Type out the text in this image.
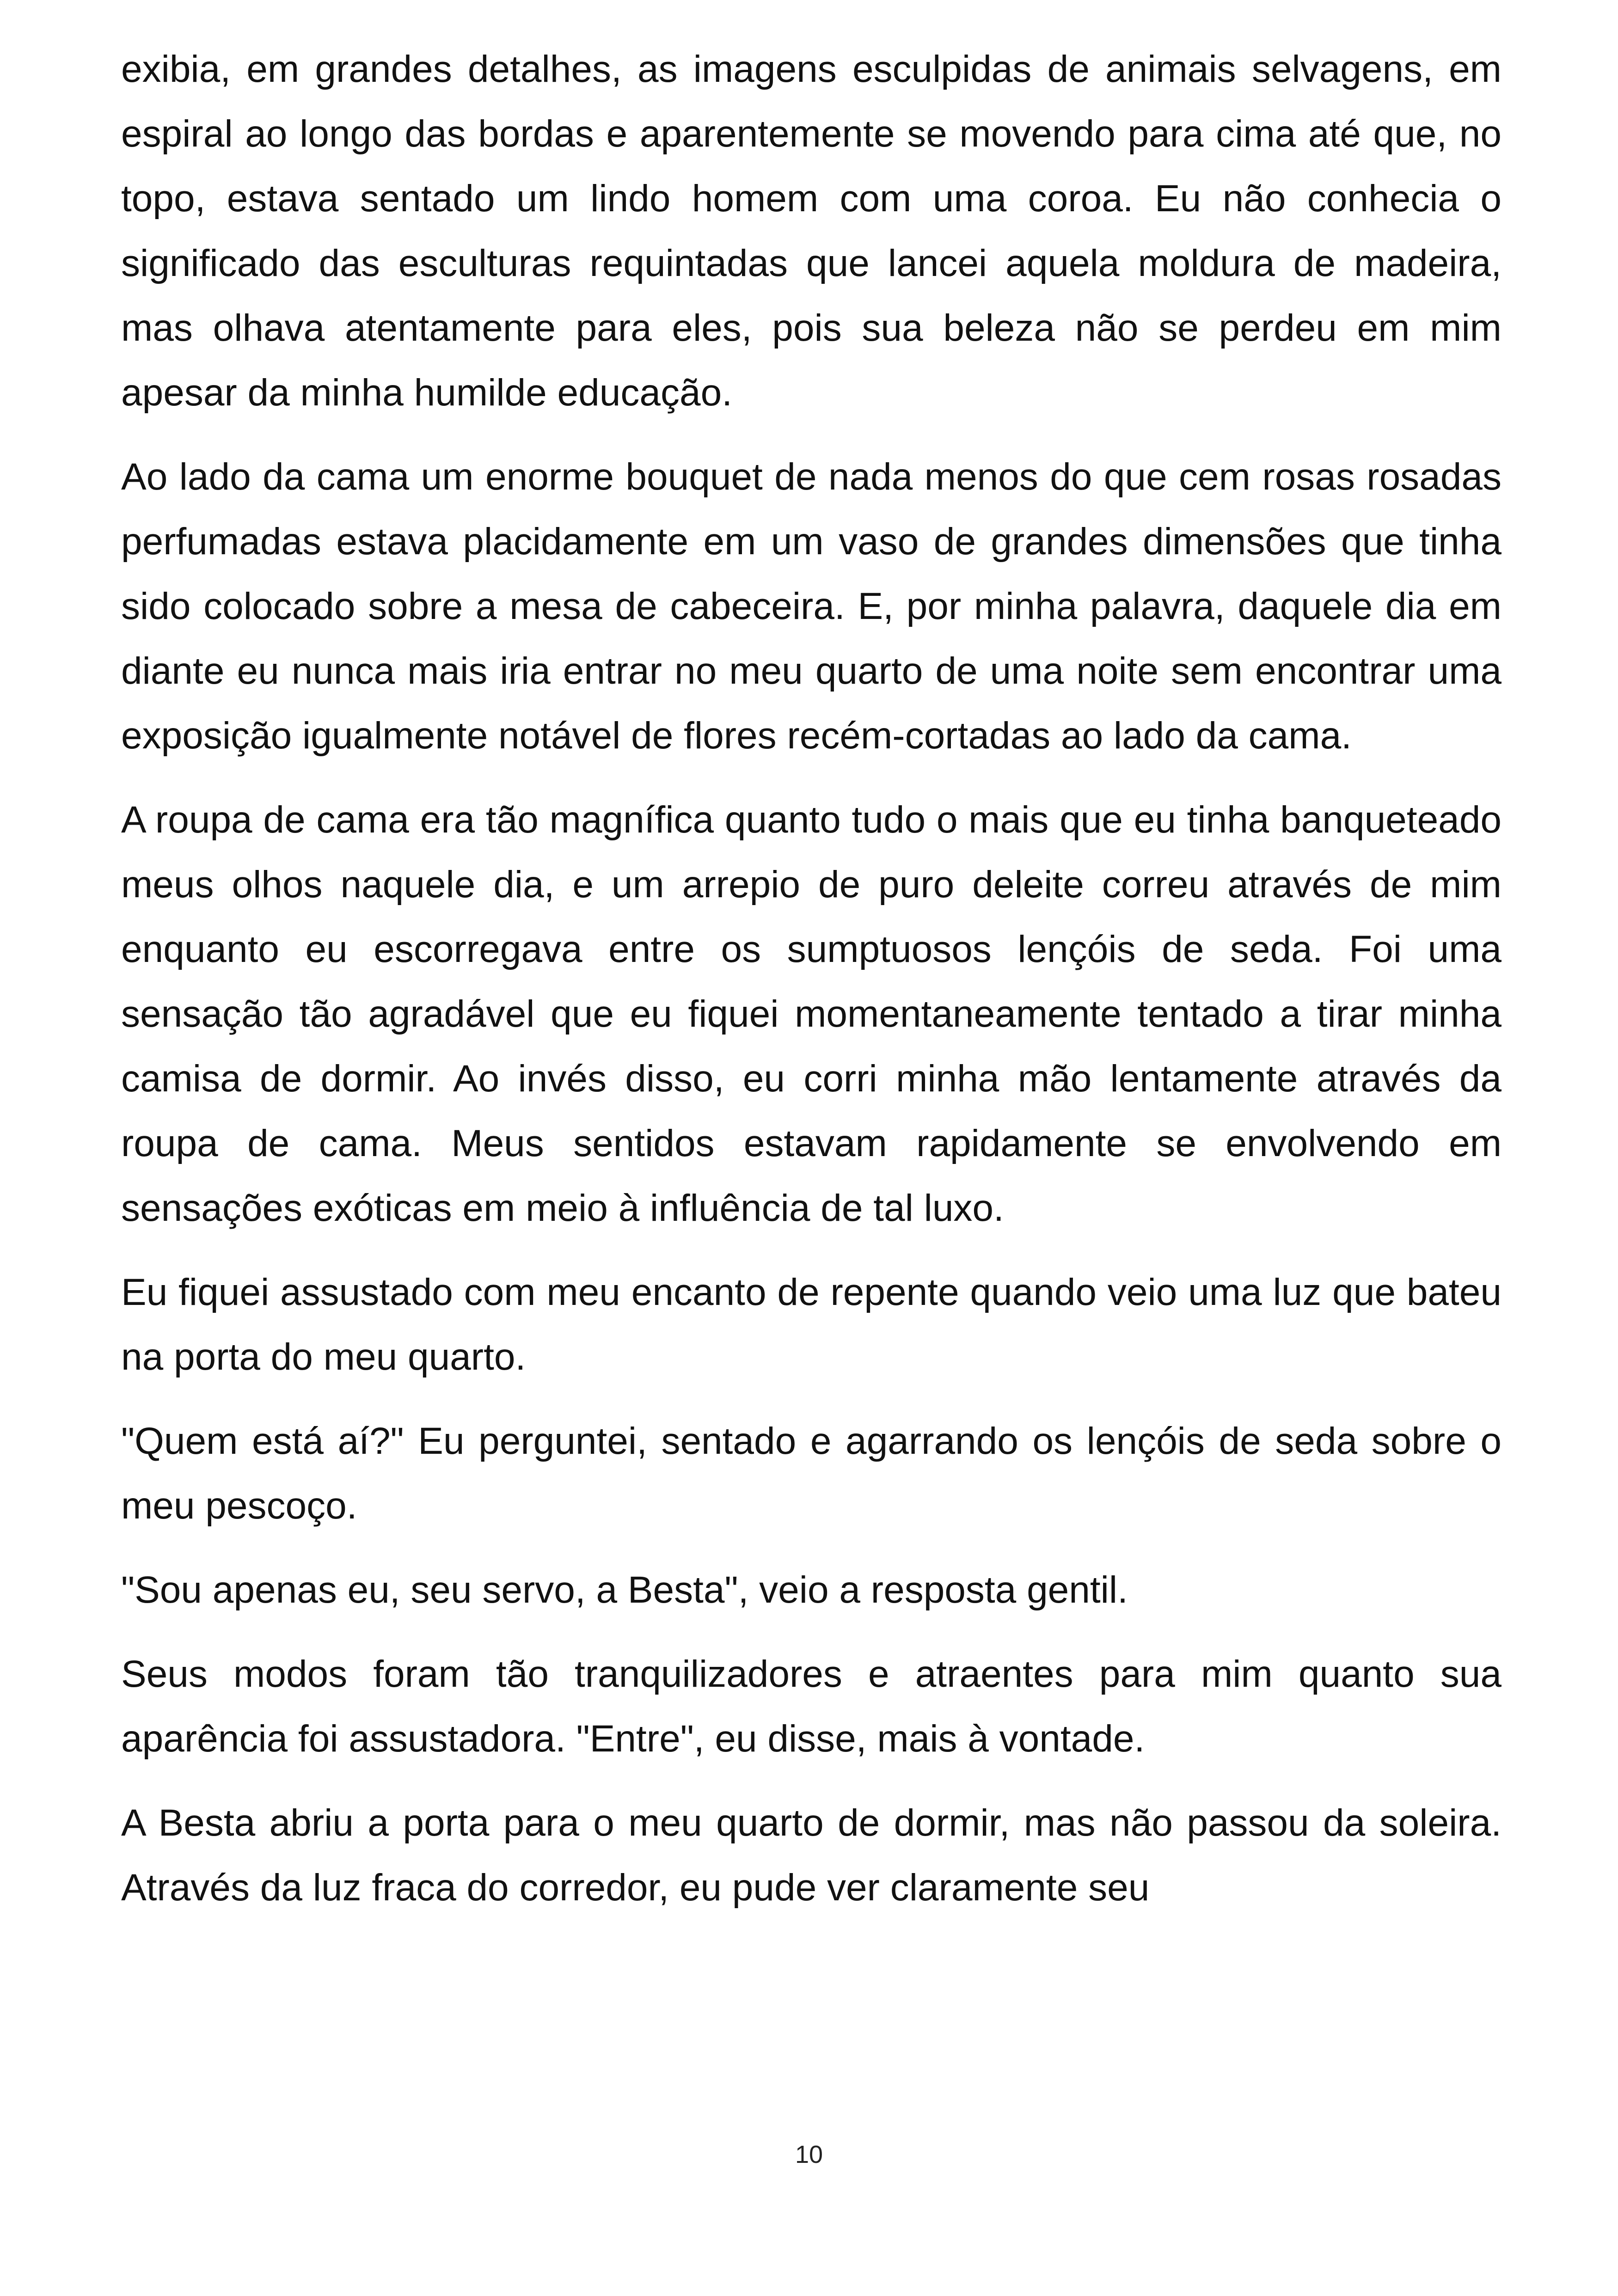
exibia, em grandes detalhes, as imagens esculpidas de animais selvagens, em espiral ao longo das bordas e aparentemente se movendo para cima até que, no topo, estava sentado um lindo homem com uma coroa. Eu não conhecia o significado das esculturas requintadas que lancei aquela moldura de madeira, mas olhava atentamente para eles, pois sua beleza não se perdeu em mim apesar da minha humilde educação.

Ao lado da cama um enorme bouquet de nada menos do que cem rosas rosadas perfumadas estava placidamente em um vaso de grandes dimensões que tinha sido colocado sobre a mesa de cabeceira. E, por minha palavra, daquele dia em diante eu nunca mais iria entrar no meu quarto de uma noite sem encontrar uma exposição igualmente notável de flores recém-cortadas ao lado da cama.

A roupa de cama era tão magnífica quanto tudo o mais que eu tinha banqueteado meus olhos naquele dia, e um arrepio de puro deleite correu através de mim enquanto eu escorregava entre os sumptuosos lençóis de seda. Foi uma sensação tão agradável que eu fiquei momentaneamente tentado a tirar minha camisa de dormir. Ao invés disso, eu corri minha mão lentamente através da roupa de cama. Meus sentidos estavam rapidamente se envolvendo em sensações exóticas em meio à influência de tal luxo.

Eu fiquei assustado com meu encanto de repente quando veio uma luz que bateu na porta do meu quarto.

"Quem está aí?" Eu perguntei, sentado e agarrando os lençóis de seda sobre o meu pescoço.

"Sou apenas eu, seu servo, a Besta", veio a resposta gentil.

Seus modos foram tão tranquilizadores e atraentes para mim quanto sua aparência foi assustadora. "Entre", eu disse, mais à vontade.

A Besta abriu a porta para o meu quarto de dormir, mas não passou da soleira. Através da luz fraca do corredor, eu pude ver claramente seu

10
